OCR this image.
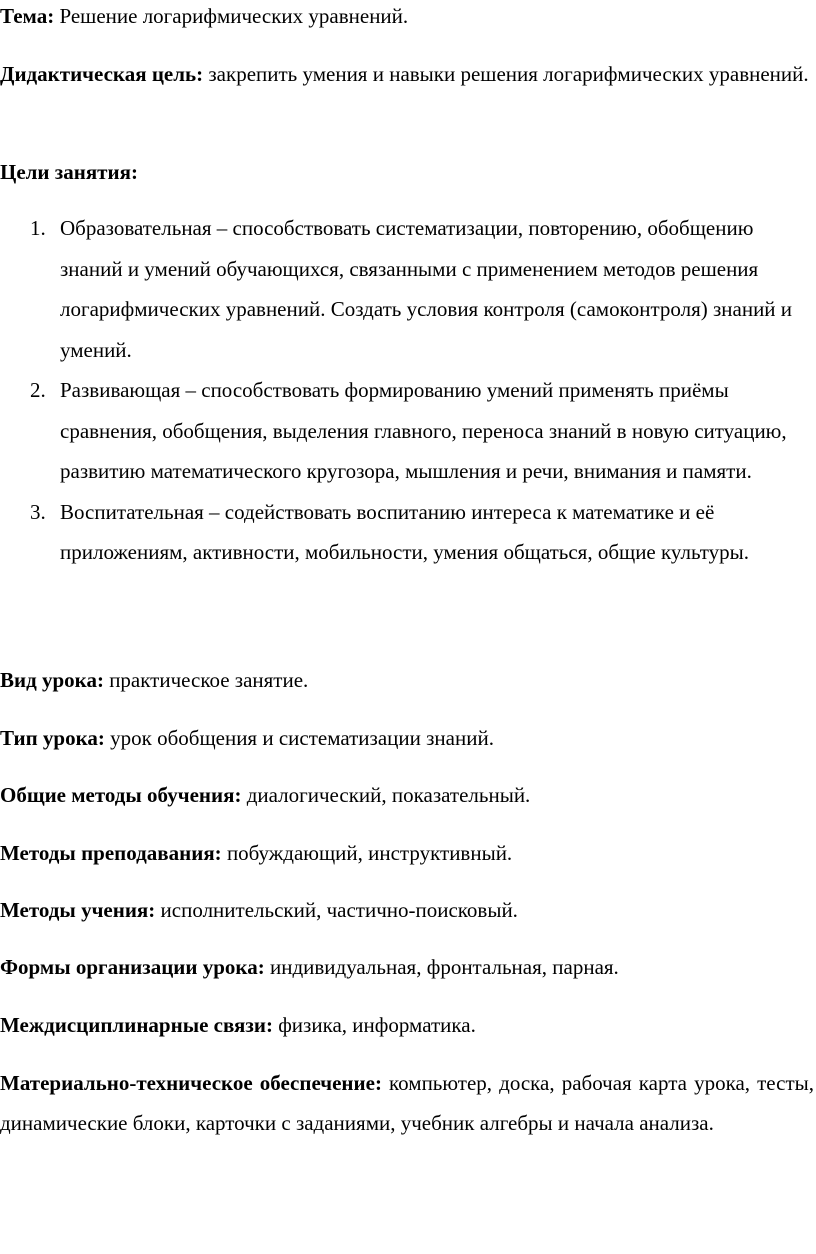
Тема: Решение логарифмических уравнений.
Дидактическая цель: закрепить умения и навыки решения логарифмических уравнений.
Цели занятия:
1. Образовательная – способствовать систематизации, повторению, обобщению знаний и умений обучающихся, связанными с применением методов решения логарифмических уравнений. Создать условия контроля (самоконтроля) знаний и умений.
2. Развивающая – способствовать формированию умений применять приёмы сравнения, обобщения, выделения главного, переноса знаний в новую ситуацию, развитию математического кругозора, мышления и речи, внимания и памяти.
3. Воспитательная – содействовать воспитанию интереса к математике и её приложениям, активности, мобильности, умения общаться, общие культуры.
Вид урока: практическое занятие.
Тип урока: урок обобщения и систематизации знаний.
Общие методы обучения: диалогический, показательный.
Методы преподавания: побуждающий, инструктивный.
Методы учения: исполнительский, частично-поисковый.
Формы организации урока: индивидуальная, фронтальная, парная.
Междисциплинарные связи: физика, информатика.
Материально-техническое обеспечение: компьютер, доска, рабочая карта урока, тесты, динамические блоки, карточки с заданиями, учебник алгебры и начала анализа.
